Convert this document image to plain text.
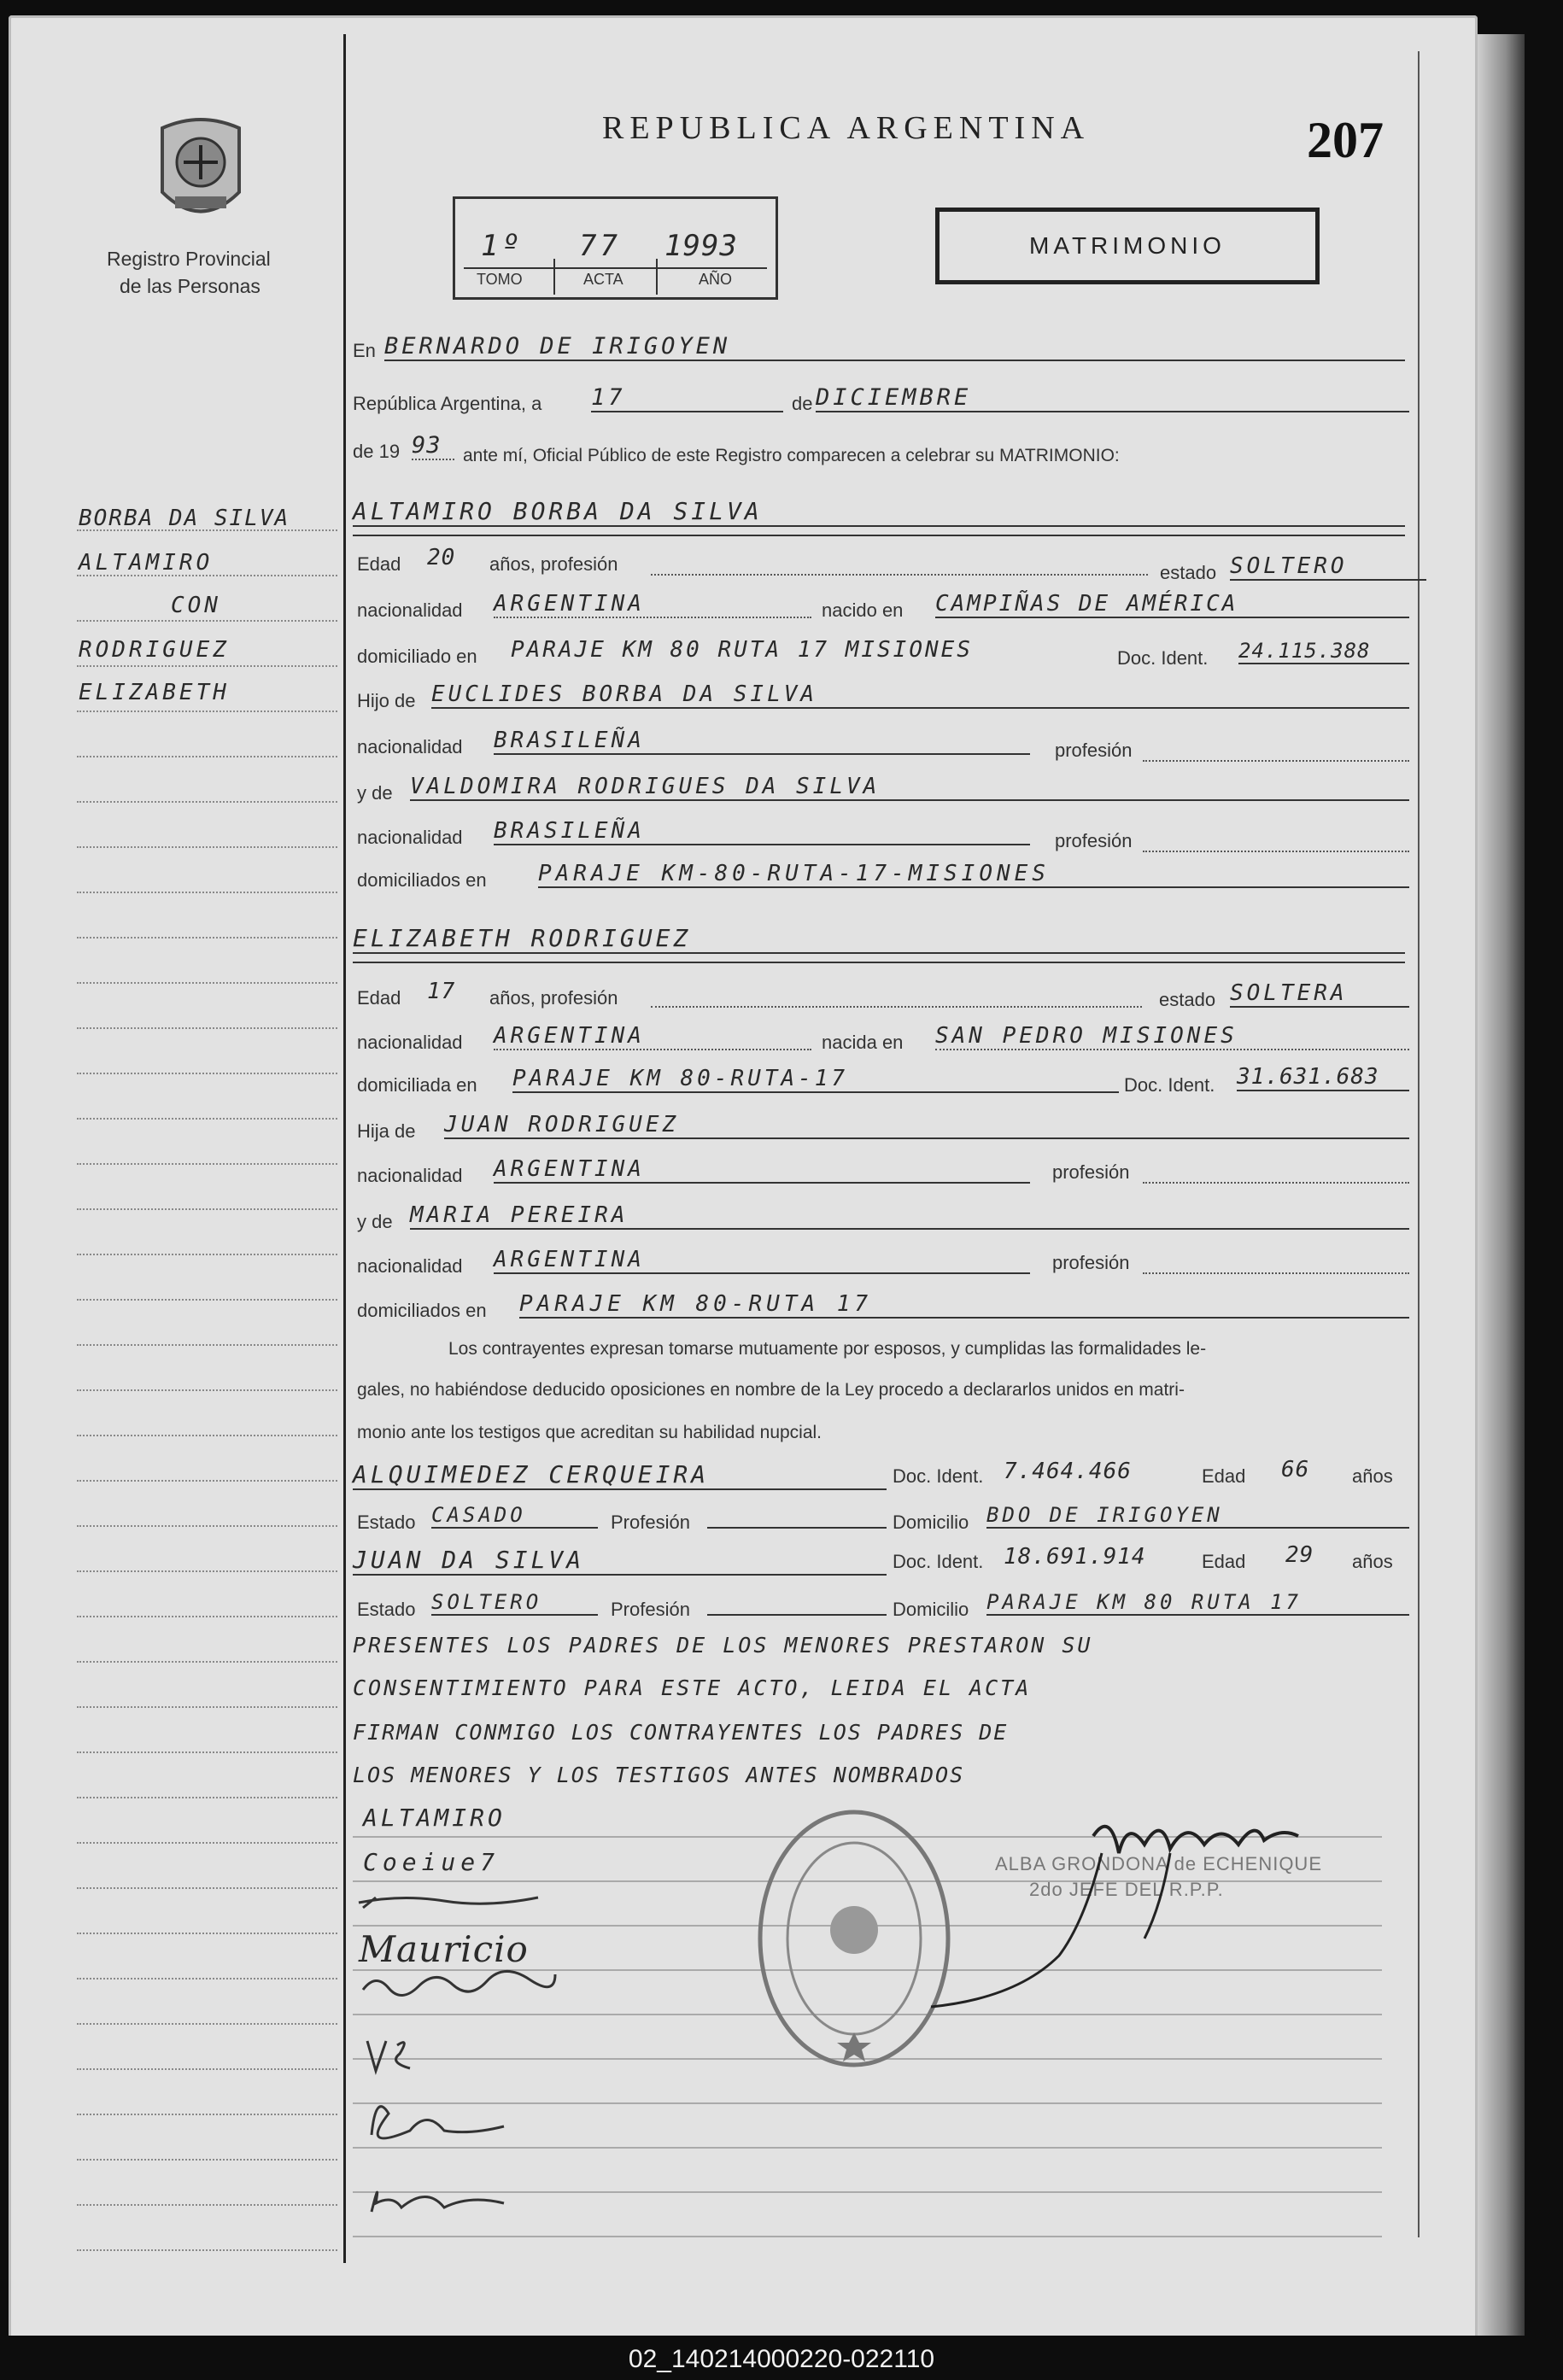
Registro Provincial
de las Personas
REPUBLICA ARGENTINA	207
1º 77 1993
TOMO	ACTA	AÑO
MATRIMONIO
BORBA DA SILVA
ALTAMIRO
CON
RODRIGUEZ
ELIZABETH
En BERNARDO DE IRIGOYEN
República Argentina, a 17	de DICIEMBRE
de 19 93	ante mí, Oficial Público de este Registro comparecen a celebrar su MATRIMONIO:
ALTAMIRO BORBA DA SILVA
Edad 20 años, profesión	estado SOLTERO
nacionalidad ARGENTINA	nacido en CAMPIÑAS DE AMÉRICA
domiciliado en PARAJE KM 80 RUTA 17 MISIONES	Doc. Ident. 24.115.388
Hijo de EUCLIDES BORBA DA SILVA
nacionalidad BRASILEÑA	profesión
y de VALDOMIRA RODRIGUES DA SILVA
nacionalidad BRASILEÑA	profesión
domiciliados en PARAJE KM-80-RUTA-17-MISIONES
ELIZABETH RODRIGUEZ
Edad 17 años, profesión	estado SOLTERA
nacionalidad ARGENTINA	nacida en SAN PEDRO MISIONES
domiciliada en PARAJE KM 80-RUTA-17	Doc. Ident. 31.631.683
Hija de JUAN RODRIGUEZ
nacionalidad ARGENTINA	profesión
y de MARIA PEREIRA
nacionalidad ARGENTINA	profesión
domiciliados en PARAJE KM 80-RUTA 17
Los contrayentes expresan tomarse mutuamente por esposos, y cumplidas las formalidades le-
gales, no habiéndose deducido oposiciones en nombre de la Ley procedo a declararlos unidos en matri-
monio ante los testigos que acreditan su habilidad nupcial.
ALQUIMEDEZ CERQUEIRA	Doc. Ident. 7.464.466	Edad 66 años
Estado CASADO	Profesión	Domicilio BDO DE IRIGOYEN
JUAN DA SILVA	Doc. Ident. 18.691.914	Edad 29 años
Estado SOLTERO	Profesión	Domicilio PARAJE KM 80 RUTA 17
PRESENTES LOS PADRES DE LOS MENORES PRESTARON SU
CONSENTIMIENTO PARA ESTE ACTO, LEIDA EL ACTA
FIRMAN CONMIGO LOS CONTRAYENTES LOS PADRES DE
LOS MENORES Y LOS TESTIGOS ANTES NOMBRADOS
ALTAMIRO
Coeiue7
Mauricio
ALBA GRONDONA de ECHENIQUE
2do JEFE DEL R.P.P.
02_140214000220-022110
